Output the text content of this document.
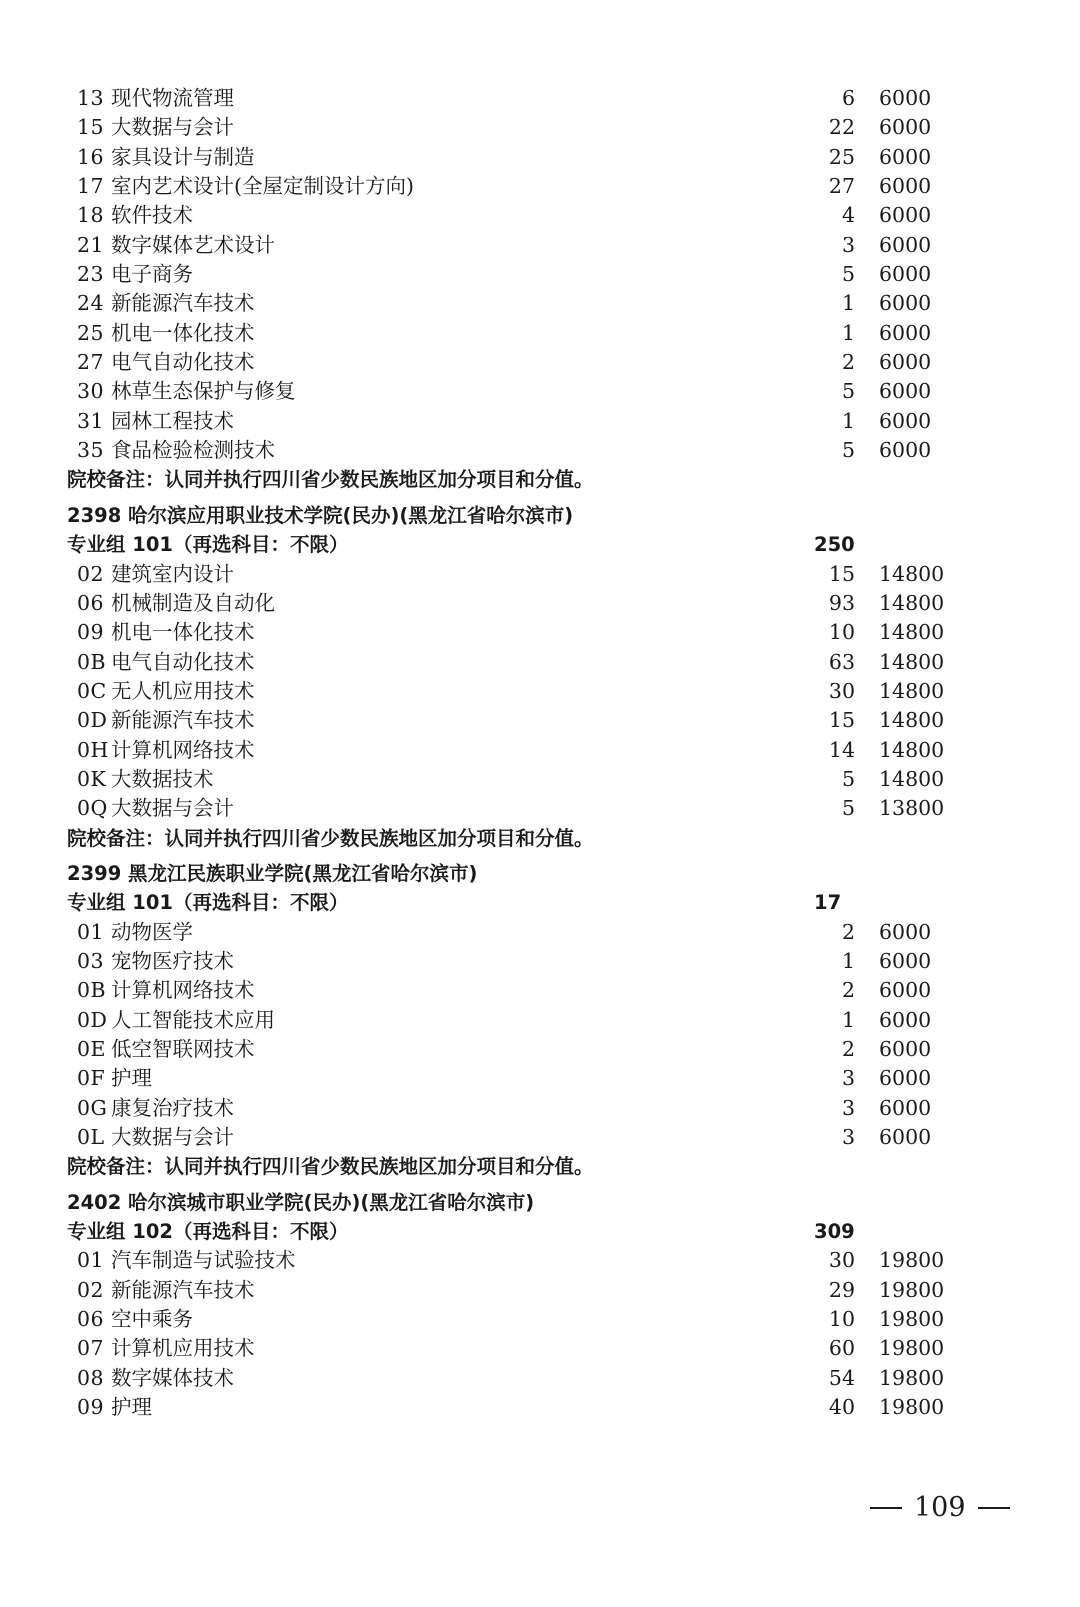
13 现代物流管理	6 6000
15 大数据与会计	22 6000
16 家具设计与制造	25 6000
17 室内艺术设计(全屋定制设计方向)	27 6000
18 软件技术	4 6000
21 数字媒体艺术设计	3 6000
23 电子商务	5 6000
24 新能源汽车技术	1 6000
25 机电一体化技术	1 6000
27 电气自动化技术	2 6000
30 林草生态保护与修复	5 6000
31 园林工程技术	1 6000
35 食品检验检测技术	5 6000
院校备注：认同并执行四川省少数民族地区加分项目和分值。
2398 哈尔滨应用职业技术学院(民办)(黑龙江省哈尔滨市)
专业组 101（再选科目：不限）	250
02 建筑室内设计	15 14800
06 机械制造及自动化	93 14800
09 机电一体化技术	10 14800
0B 电气自动化技术	63 14800
0C 无人机应用技术	30 14800
0D 新能源汽车技术	15 14800
0H 计算机网络技术	14 14800
0K 大数据技术	5 14800
0Q 大数据与会计	5 13800
院校备注：认同并执行四川省少数民族地区加分项目和分值。
2399 黑龙江民族职业学院(黑龙江省哈尔滨市)
专业组 101（再选科目：不限）	17
01 动物医学	2 6000
03 宠物医疗技术	1 6000
0B 计算机网络技术	2 6000
0D 人工智能技术应用	1 6000
0E 低空智联网技术	2 6000
0F 护理	3 6000
0G 康复治疗技术	3 6000
0L 大数据与会计	3 6000
院校备注：认同并执行四川省少数民族地区加分项目和分值。
2402 哈尔滨城市职业学院(民办)(黑龙江省哈尔滨市)
专业组 102（再选科目：不限）	309
01 汽车制造与试验技术	30 19800
02 新能源汽车技术	29 19800
06 空中乘务	10 19800
07 计算机应用技术	60 19800
08 数字媒体技术	54 19800
09 护理	40 19800
109
